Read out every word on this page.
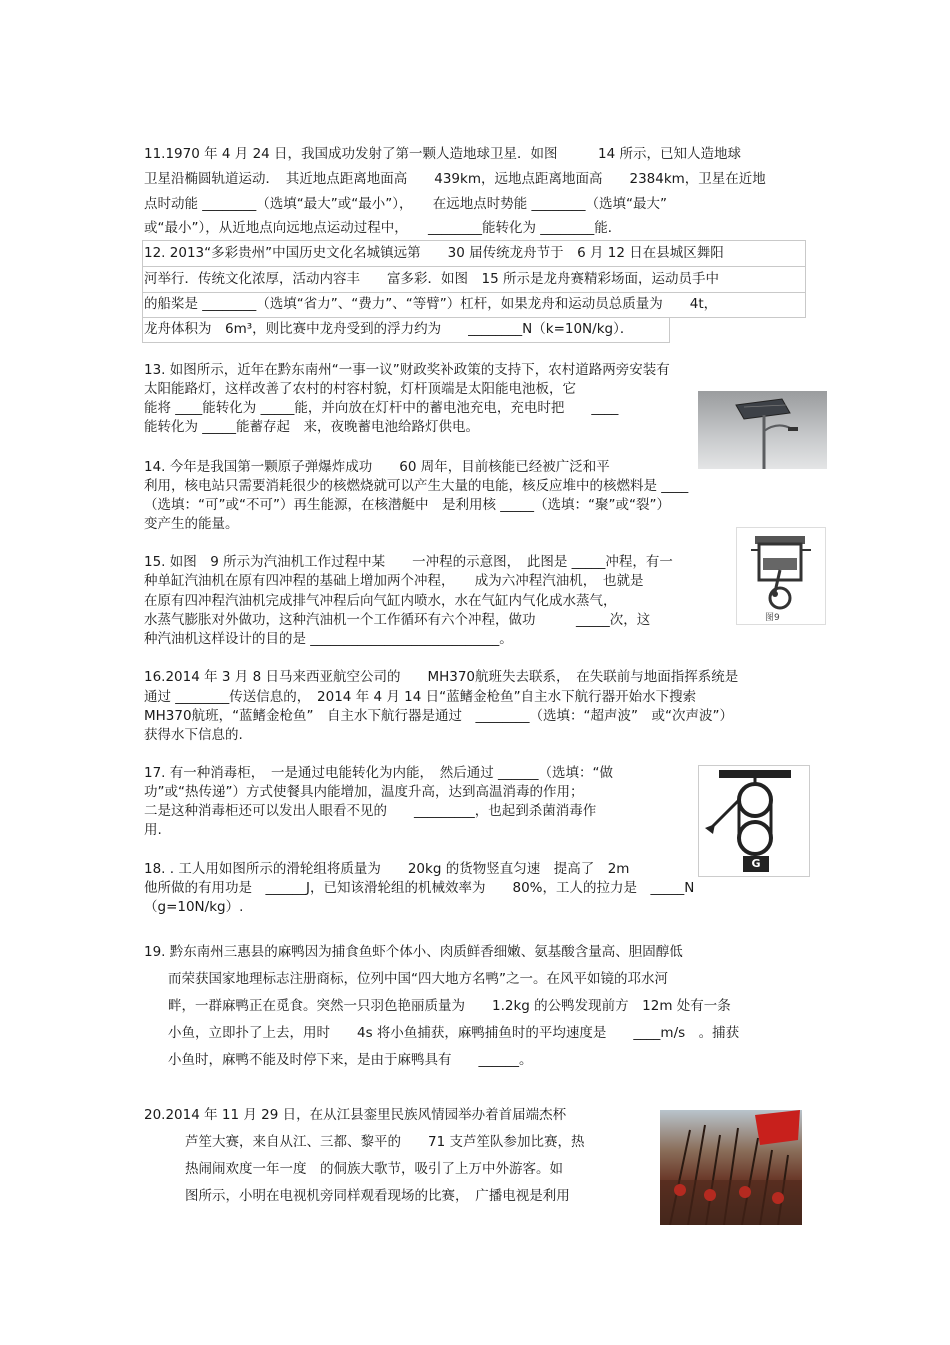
11.1970 年 4 月 24 日，我国成功发射了第一颗人造地球卫星．如图　　　14 所示，已知人造地球
卫星沿椭圆轨道运动．　其近地点距离地面高　　439km，远地点距离地面高　　2384km，卫星在近地
点时动能 ________（选填“最大”或“最小”），　　在远地点时势能 ________（选填“最大”
或“最小”），从近地点向远地点运动过程中，　　________能转化为 ________能．
12. 2013“多彩贵州”中国历史文化名城镇远第　　30 届传统龙舟节于　6 月 12 日在县城区舞阳
河举行．传统文化浓厚，活动内容丰　　富多彩．如图　15 所示是龙舟赛精彩场面，运动员手中
的船桨是 ________（选填“省力”、“费力”、“等臂”）杠杆，如果龙舟和运动员总质量为　　4t，
龙舟体积为　6m³，则比赛中龙舟受到的浮力约为　　________N（k=10N/kg）．
13. 如图所示，近年在黔东南州“一事一议”财政奖补政策的支持下，农村道路两旁安装有
太阳能路灯，这样改善了农村的村容村貌，灯杆顶端是太阳能电池板，它
能将 ____能转化为 _____能，并向放在灯杆中的蓄电池充电，充电时把　　____
能转化为 _____能蓄存起　来，夜晚蓄电池给路灯供电。
14. 今年是我国第一颗原子弹爆炸成功　　60 周年，目前核能已经被广泛和平
利用，核电站只需要消耗很少的核燃烧就可以产生大量的电能，核反应堆中的核燃料是 ____
（选填：“可”或“不可”）再生能源，在核潜艇中　是利用核 _____（选填：“聚”或“裂”）
变产生的能量。
15. 如图　9 所示为汽油机工作过程中某　　一冲程的示意图，　此图是 _____冲程，有一
种单缸汽油机在原有四冲程的基础上增加两个冲程，　　成为六冲程汽油机，　也就是
在原有四冲程汽油机完成排气冲程后向气缸内喷水，水在气缸内气化成水蒸气，
水蒸气膨胀对外做功，这种汽油机一个工作循环有六个冲程，做功　　　_____次，这
种汽油机这样设计的目的是 ____________________________。
图9
16.2014 年 3 月 8 日马来西亚航空公司的　　MH370航班失去联系，　在失联前与地面指挥系统是
通过 ________传送信息的，　2014 年 4 月 14 日“蓝鳍金枪鱼”自主水下航行器开始水下搜索
MH370航班，“蓝鳍金枪鱼”　自主水下航行器是通过　________（选填：“超声波”　或“次声波”）
获得水下信息的.
17. 有一种消毒柜，　一是通过电能转化为内能，　然后通过 ______（选填：“做
功”或“热传递”）方式使餐具内能增加，温度升高，达到高温消毒的作用；
二是这种消毒柜还可以发出人眼看不见的　　_________，也起到杀菌消毒作
用.
G
18. . 工人用如图所示的滑轮组将质量为　　20kg 的货物竖直匀速　提高了　2m
他所做的有用功是　______J，已知该滑轮组的机械效率为　　80%，工人的拉力是　_____N
（g=10N/kg）.
19. 黔东南州三惠县的麻鸭因为捕食鱼虾个体小、肉质鲜香细嫩、氨基酸含量高、胆固醇低
而荣获国家地理标志注册商标，位列中国“四大地方名鸭”之一。在风平如镜的邛水河
畔，一群麻鸭正在觅食。突然一只羽色艳丽质量为　　1.2kg 的公鸭发现前方　12m 处有一条
小鱼，立即扑了上去，用时　　4s 将小鱼捕获，麻鸭捕鱼时的平均速度是　　____m/s　。捕获
小鱼时，麻鸭不能及时停下来，是由于麻鸭具有　　______。
20.2014 年 11 月 29 日，在从江县銮里民族风情园举办着首届端杰杯
芦笙大赛，来自从江、三都、黎平的　　71 支芦笙队参加比赛，热
热闹闹欢度一年一度　的侗族大歌节，吸引了上万中外游客。如
图所示，小明在电视机旁同样观看现场的比赛，　广播电视是利用
